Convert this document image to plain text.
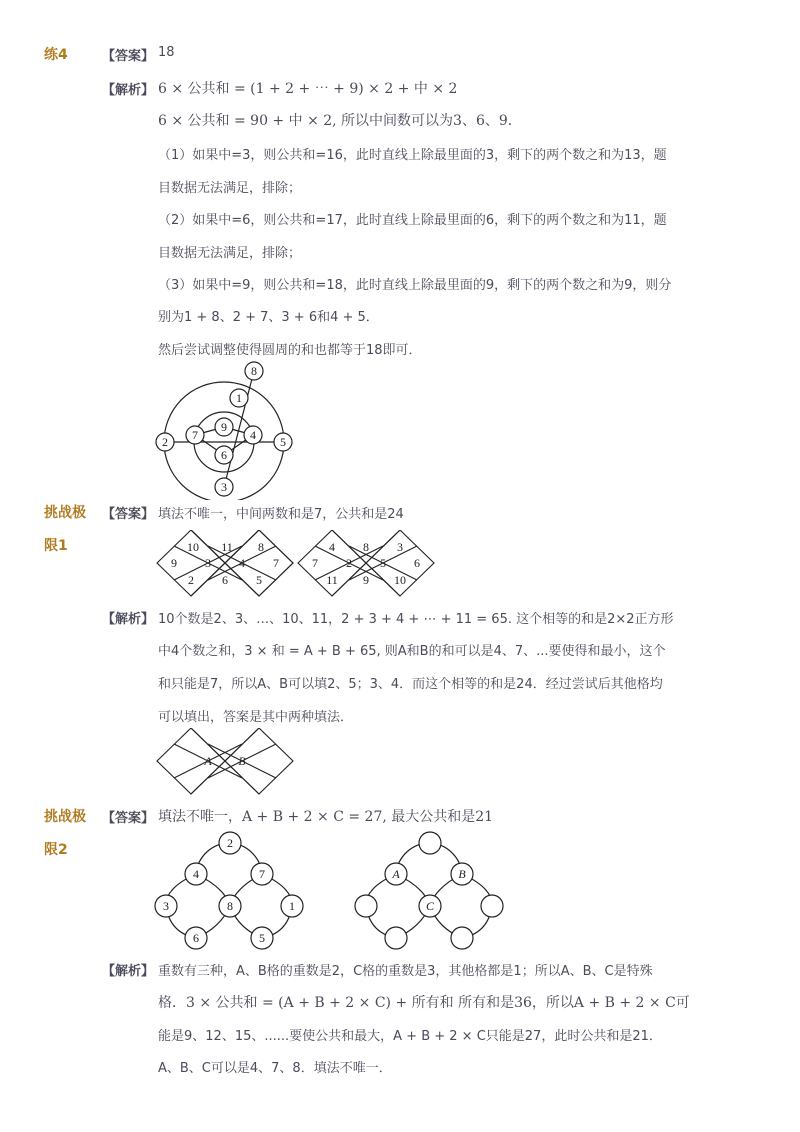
练4	【答案】 18
【解析】 6 × 公共和 = (1 + 2 + ⋯ + 9) × 2 + 中 × 2
6 × 公共和 = 90 + 中 × 2, 所以中间数可以为3、6、9．
（1）如果中=3，则公共和=16，此时直线上除最里面的3，剩下的两个数之和为13，题
目数据无法满足，排除；
（2）如果中=6，则公共和=17，此时直线上除最里面的6，剩下的两个数之和为11，题
目数据无法满足，排除；
（3）如果中=9，则公共和=18，此时直线上除最里面的9，剩下的两个数之和为9，则分
别为1 + 8、2 + 7、3 + 6和4 + 5．
然后尝试调整使得圆周的和也都等于18即可．
8
1
9
7	4
2	5
6
3
挑战极
限1
【答案】 填法不唯一，中间两数和是7，公共和是24
10 11 8
9 3 4 7
2 6 5
4 8 3
7 2 5 6
11 9 10
【解析】 10个数是2、3、…、10、11，2 + 3 + 4 + ⋯ + 11 = 65. 这个相等的和是2×2正方形
中4个数之和，3 × 和 = A + B + 65, 则A和B的和可以是4、7、...要使得和最小，这个
和只能是7，所以A、B可以填2、5；3、4．而这个相等的和是24．经过尝试后其他格均
可以填出，答案是其中两种填法．
A B
挑战极
限2
【答案】 填法不唯一，A + B + 2 × C = 27, 最大公共和是21
2
4	7
3	8	1
6	5
A	B
C
【解析】 重数有三种，A、B格的重数是2，C格的重数是3，其他格都是1；所以A、B、C是特殊
格．3 × 公共和 = (A + B + 2 × C) + 所有和 所有和是36，所以A + B + 2 × C可
能是9、12、15、......要使公共和最大，A + B + 2 × C只能是27，此时公共和是21．
A、B、C可以是4、7、8．填法不唯一．
